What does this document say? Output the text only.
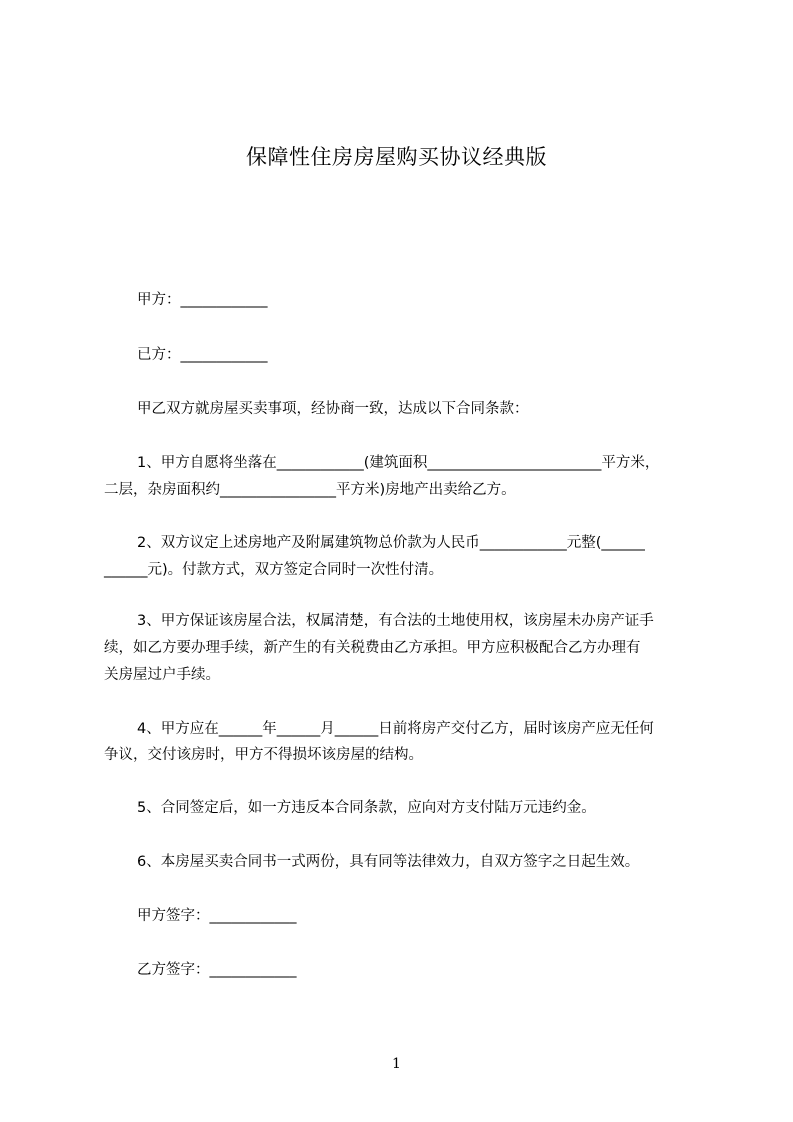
保障性住房房屋购买协议经典版
甲方：____________
已方：____________
甲乙双方就房屋买卖事项，经协商一致，达成以下合同条款：
1、甲方自愿将坐落在____________(建筑面积________________________平方米，
二层，杂房面积约________________平方米)房地产出卖给乙方。
2、双方议定上述房地产及附属建筑物总价款为人民币____________元整(______
______元)。付款方式，双方签定合同时一次性付清。
3、甲方保证该房屋合法，权属清楚，有合法的土地使用权，该房屋未办房产证手
续，如乙方要办理手续，新产生的有关税费由乙方承担。甲方应积极配合乙方办理有
关房屋过户手续。
4、甲方应在______年______月______日前将房产交付乙方，届时该房产应无任何
争议，交付该房时，甲方不得损坏该房屋的结构。
5、合同签定后，如一方违反本合同条款，应向对方支付陆万元违约金。
6、本房屋买卖合同书一式两份，具有同等法律效力，自双方签字之日起生效。
甲方签字：____________
乙方签字：____________
1
